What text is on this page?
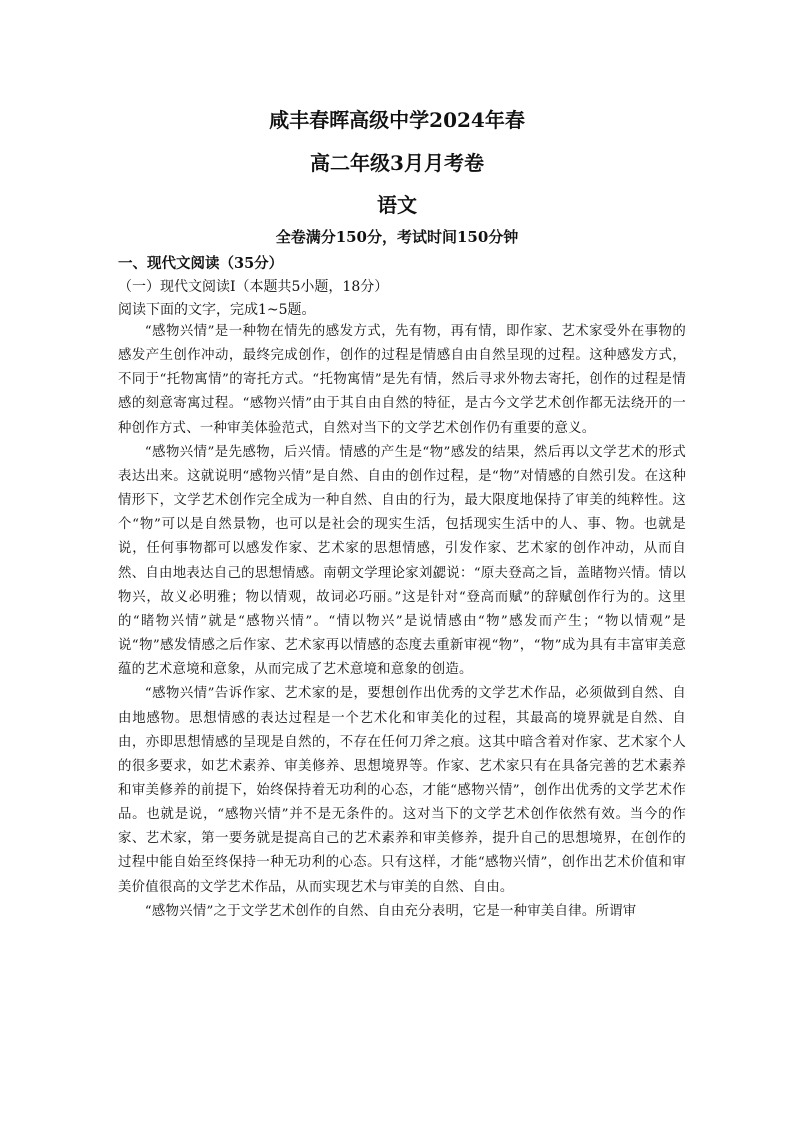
咸丰春晖高级中学2024年春
高二年级3月月考卷
语文
全卷满分150分，考试时间150分钟
一、现代文阅读（35分）
（一）现代文阅读Ⅰ（本题共5小题，18分）
阅读下面的文字，完成1~5题。

“感物兴情”是一种物在情先的感发方式，先有物，再有情，即作家、艺术家受外在事物的感发产生创作冲动，最终完成创作，创作的过程是情感自由自然呈现的过程。这种感发方式，不同于“托物寓情”的寄托方式。“托物寓情”是先有情，然后寻求外物去寄托，创作的过程是情感的刻意寄寓过程。“感物兴情”由于其自由自然的特征，是古今文学艺术创作都无法绕开的一种创作方式、一种审美体验范式，自然对当下的文学艺术创作仍有重要的意义。

“感物兴情”是先感物，后兴情。情感的产生是“物”感发的结果，然后再以文学艺术的形式表达出来。这就说明“感物兴情”是自然、自由的创作过程，是“物”对情感的自然引发。在这种情形下，文学艺术创作完全成为一种自然、自由的行为，最大限度地保持了审美的纯粹性。这个“物”可以是自然景物，也可以是社会的现实生活，包括现实生活中的人、事、物。也就是说，任何事物都可以感发作家、艺术家的思想情感，引发作家、艺术家的创作冲动，从而自然、自由地表达自己的思想情感。南朝文学理论家刘勰说：“原夫登高之旨，盖睹物兴情。情以物兴，故义必明雅；物以情观，故词必巧丽。”这是针对“登高而赋”的辞赋创作行为的。这里的“睹物兴情”就是“感物兴情”。“情以物兴”是说情感由“物”感发而产生；“物以情观”是说“物”感发情感之后作家、艺术家再以情感的态度去重新审视“物”，“物”成为具有丰富审美意蕴的艺术意境和意象，从而完成了艺术意境和意象的创造。

“感物兴情”告诉作家、艺术家的是，要想创作出优秀的文学艺术作品，必须做到自然、自由地感物。思想情感的表达过程是一个艺术化和审美化的过程，其最高的境界就是自然、自由，亦即思想情感的呈现是自然的，不存在任何刀斧之痕。这其中暗含着对作家、艺术家个人的很多要求，如艺术素养、审美修养、思想境界等。作家、艺术家只有在具备完善的艺术素养和审美修养的前提下，始终保持着无功利的心态，才能“感物兴情”，创作出优秀的文学艺术作品。也就是说，“感物兴情”并不是无条件的。这对当下的文学艺术创作依然有效。当今的作家、艺术家，第一要务就是提高自己的艺术素养和审美修养，提升自己的思想境界，在创作的过程中能自始至终保持一种无功利的心态。只有这样，才能“感物兴情”，创作出艺术价值和审美价值很高的文学艺术作品，从而实现艺术与审美的自然、自由。

“感物兴情”之于文学艺术创作的自然、自由充分表明，它是一种审美自律。所谓审
